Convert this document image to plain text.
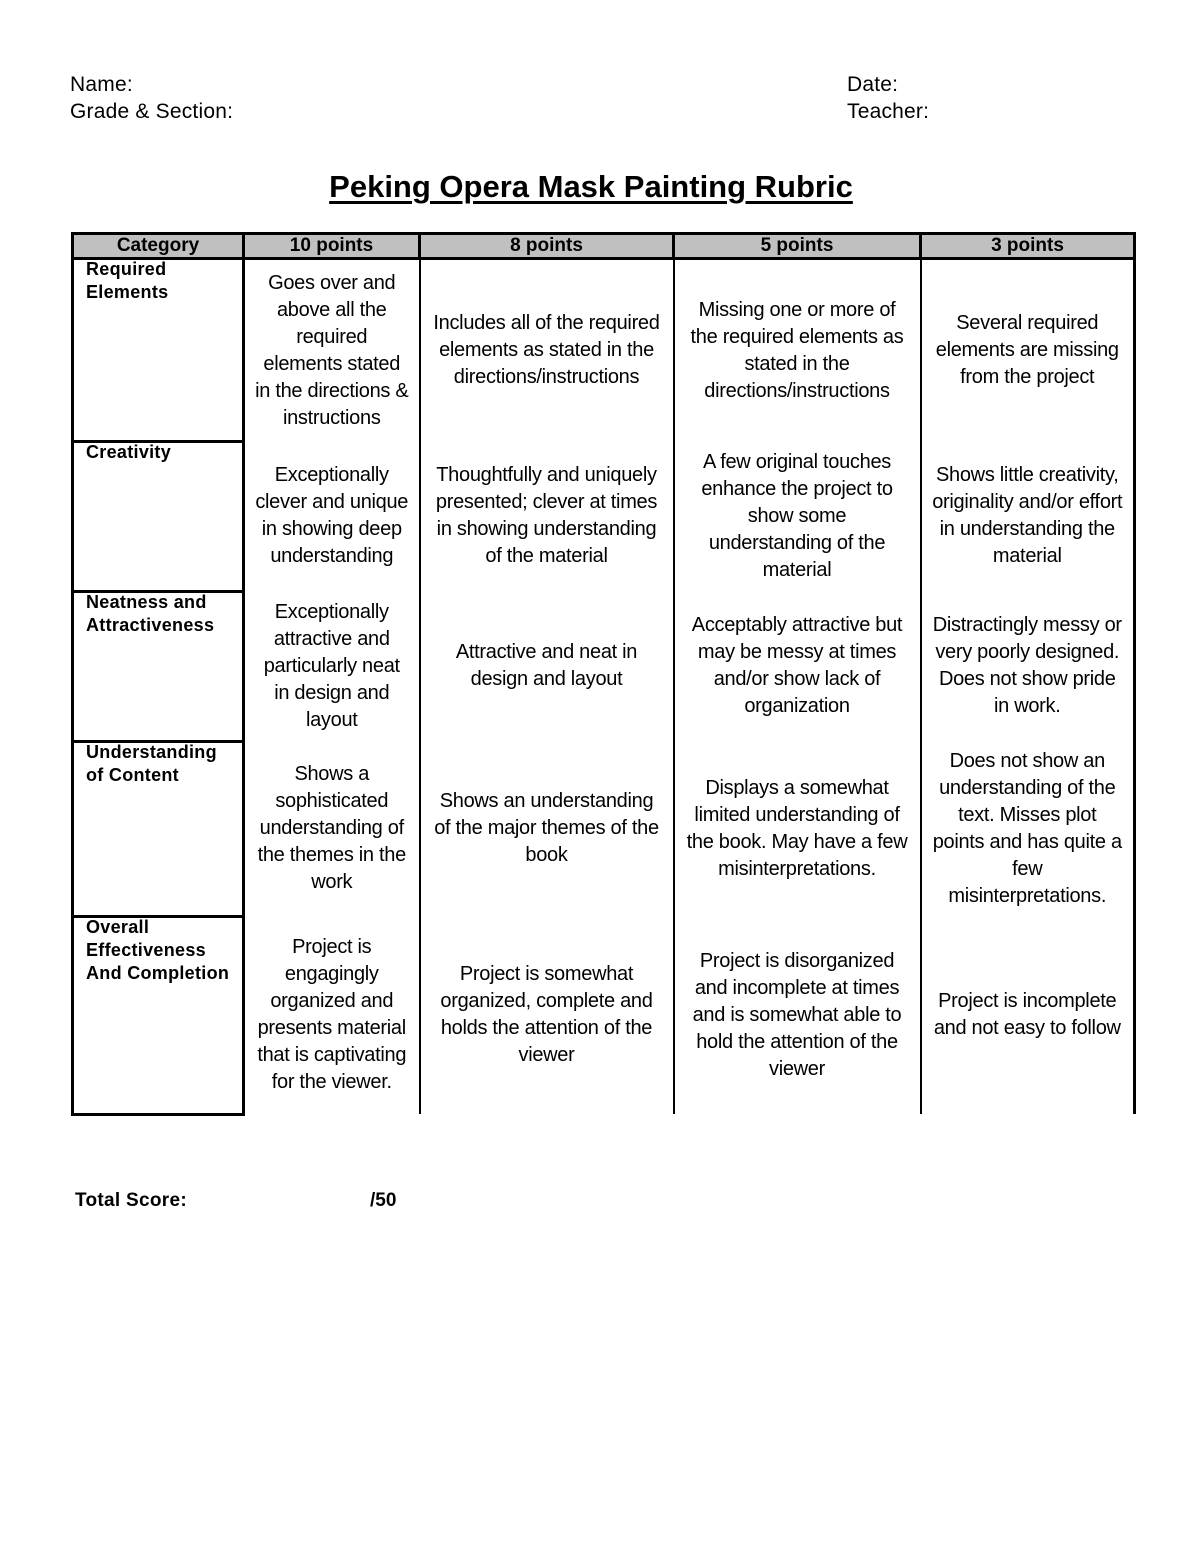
Name:
Grade & Section:
Date:
Teacher:
Peking Opera Mask Painting Rubric
Category	10 points	8 points	5 points	3 points

Required Elements	Goes over and above all the required elements stated in the directions & instructions	Includes all of the required elements as stated in the directions/instructions	Missing one or more of the required elements as stated in the directions/instructions	Several required elements are missing from the project

Creativity	Exceptionally clever and unique in showing deep understanding	Thoughtfully and uniquely presented; clever at times in showing understanding of the material	A few original touches enhance the project to show some understanding of the material	Shows little creativity, originality and/or effort in understanding the material

Neatness and Attractiveness	Exceptionally attractive and particularly neat in design and layout	Attractive and neat in design and layout	Acceptably attractive but may be messy at times and/or show lack of organization	Distractingly messy or very poorly designed. Does not show pride in work.

Understanding of Content	Shows a sophisticated understanding of the themes in the work	Shows an understanding of the major themes of the book	Displays a somewhat limited understanding of the book. May have a few misinterpretations.	Does not show an understanding of the text. Misses plot points and has quite a few misinterpretations.

Overall Effectiveness And Completion	Project is engagingly organized and presents material that is captivating for the viewer.	Project is somewhat organized, complete and holds the attention of the viewer	Project is disorganized and incomplete at times and is somewhat able to hold the attention of the viewer	Project is incomplete and not easy to follow
Total Score:	/50
